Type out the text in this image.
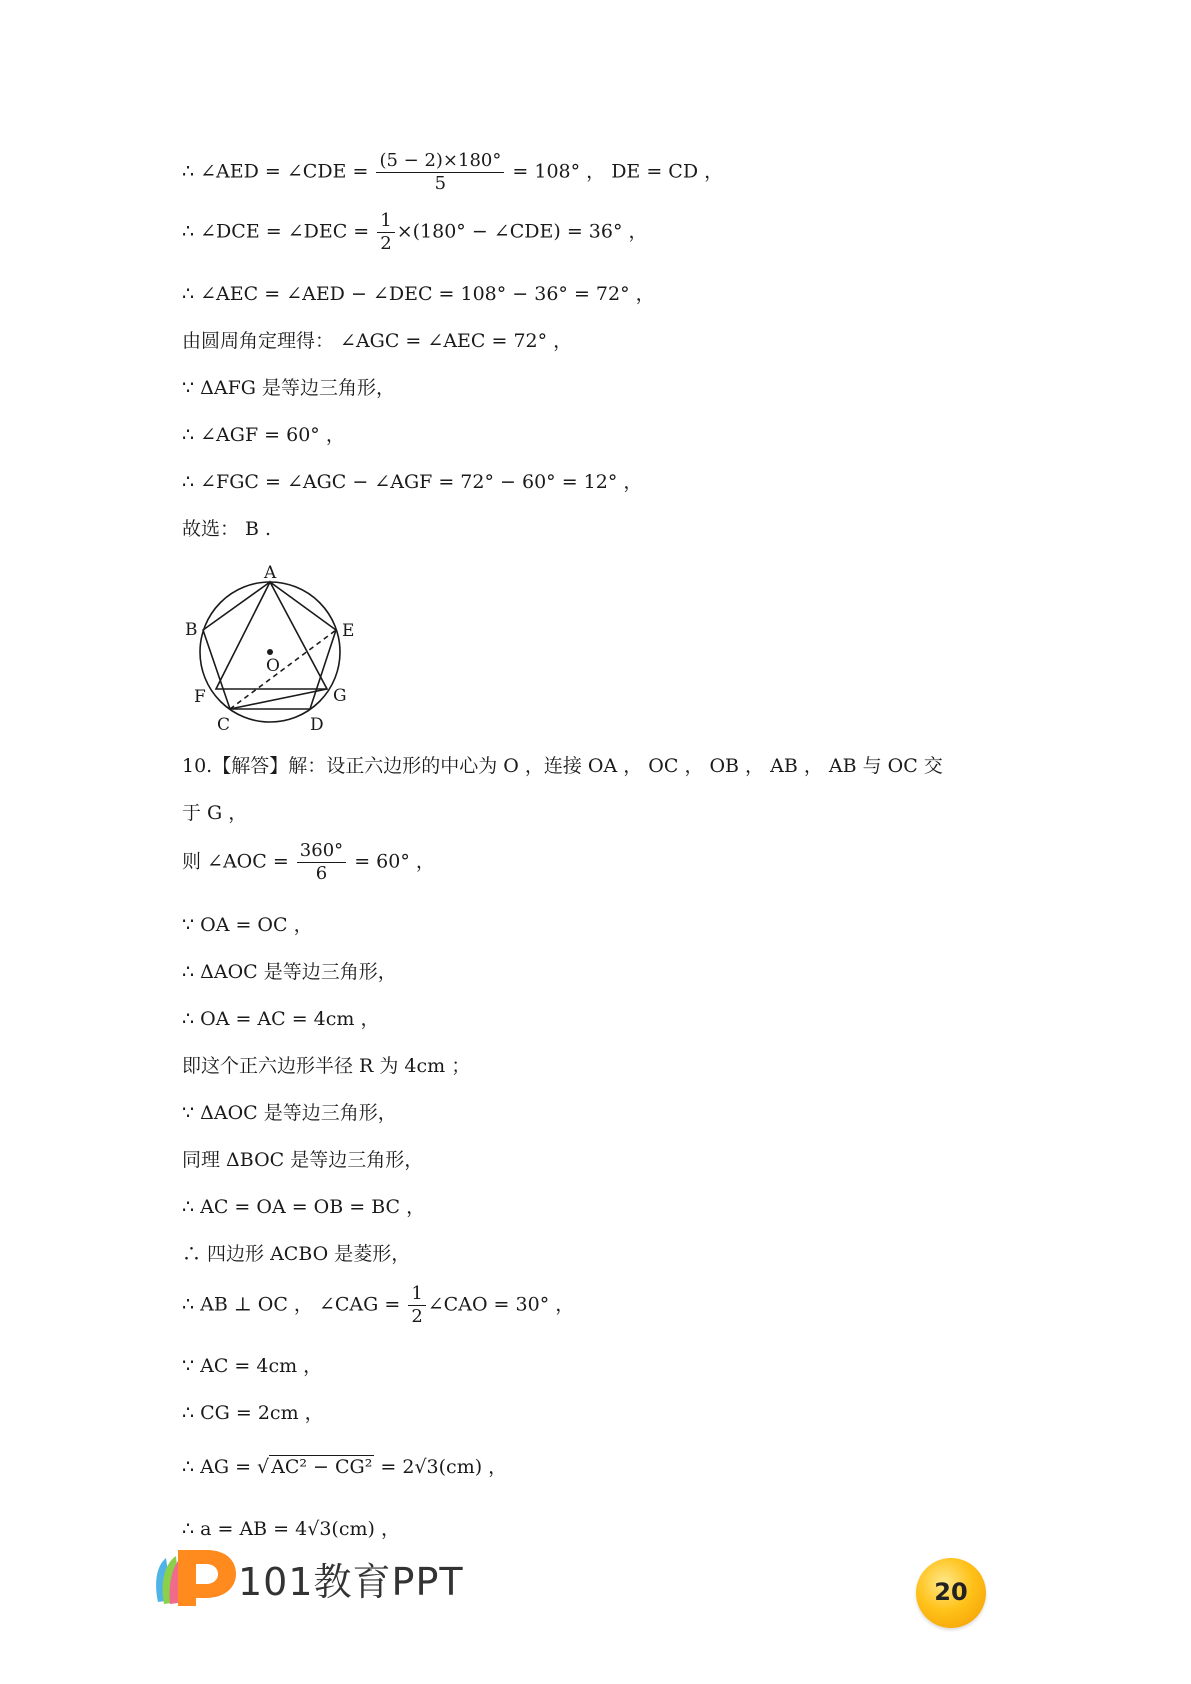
∴ ∠AED = ∠CDE = $\frac{(5 - 2)\times 180^\circ}{5} = 108^\circ$ ， DE = CD ，
∴ ∠DCE = ∠DEC = $\frac{1}{2} \times(180^\circ$ − ∠CDE) = 36° ，
∴ ∠AEC = ∠AED − ∠DEC = 108° − 36° = 72° ，
由圆周角定理得： ∠AGC = ∠AEC = 72° ，
∵ ΔAFG 是等边三角形，
∴ ∠AGF = 60° ，
∴ ∠FGC = ∠AGC − ∠AGF = 72° − 60° = 12° ，
故选： B .
A
B
C	D
E
F	G
O
10.【解答】解：设正六边形的中心为 O ，连接 OA ， OC ， OB ， AB ， AB 与 OC 交
于 G ，
则 ∠AOC = $\frac{360^\circ}{6} = 60^\circ$ ，
∵ OA = OC ，
∴ ΔAOC 是等边三角形，
∴ OA = AC = 4cm ，
即这个正六边形半径 R 为 4cm ；
∵ ΔAOC 是等边三角形，
同理 ΔBOC 是等边三角形，
∴ AC = OA = OB = BC ，
∴ 四边形 ACBO 是菱形，
∴ AB ⊥ OC ， ∠CAG = $\frac{1}{2}$ ∠CAO = 30° ，
∵ AC = 4cm ，
∴ CG = 2cm ，
∴ AG = √ AC² − CG² = 2√3(cm) ，
∴ a = AB = 4√3(cm) ，
101教育PPT	20
